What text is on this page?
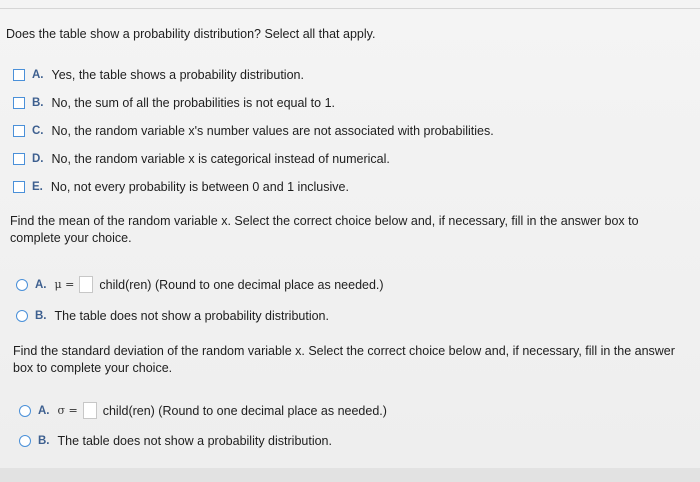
Does the table show a probability distribution? Select all that apply.
A. Yes, the table shows a probability distribution.
B. No, the sum of all the probabilities is not equal to 1.
C. No, the random variable x's number values are not associated with probabilities.
D. No, the random variable x is categorical instead of numerical.
E. No, not every probability is between 0 and 1 inclusive.
Find the mean of the random variable x. Select the correct choice below and, if necessary, fill in the answer box to complete your choice.
A. μ = child(ren) (Round to one decimal place as needed.)
B. The table does not show a probability distribution.
Find the standard deviation of the random variable x. Select the correct choice below and, if necessary, fill in the answer box to complete your choice.
A. σ = child(ren) (Round to one decimal place as needed.)
B. The table does not show a probability distribution.
